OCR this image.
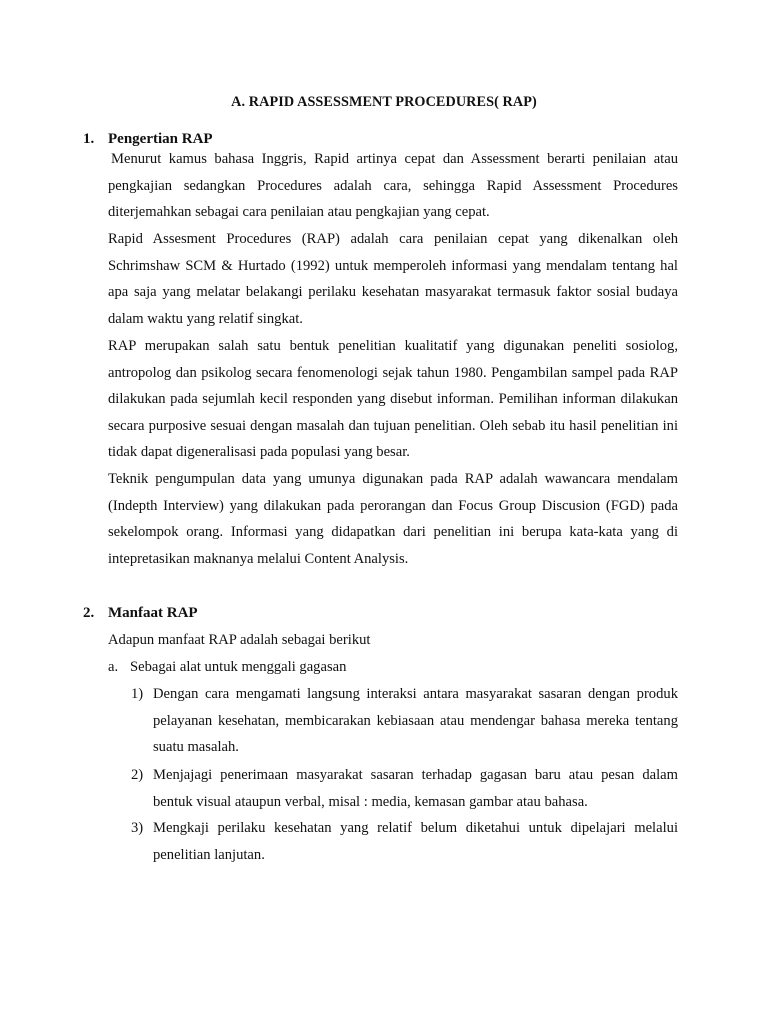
A. RAPID ASSESSMENT PROCEDURES( RAP)
1. Pengertian RAP
Menurut kamus bahasa Inggris, Rapid artinya cepat dan Assessment berarti penilaian atau pengkajian sedangkan Procedures adalah cara, sehingga Rapid Assessment Procedures diterjemahkan sebagai cara penilaian atau pengkajian yang cepat.
Rapid Assesment Procedures (RAP) adalah cara penilaian cepat yang dikenalkan oleh Schrimshaw SCM & Hurtado (1992) untuk memperoleh informasi yang mendalam tentang hal apa saja yang melatar belakangi perilaku kesehatan masyarakat termasuk faktor sosial budaya dalam waktu yang relatif singkat.
RAP merupakan salah satu bentuk penelitian kualitatif yang digunakan peneliti sosiolog, antropolog dan psikolog secara fenomenologi sejak tahun 1980. Pengambilan sampel pada RAP dilakukan pada sejumlah kecil responden yang disebut informan. Pemilihan informan dilakukan secara purposive sesuai dengan masalah dan tujuan penelitian. Oleh sebab itu hasil penelitian ini tidak dapat digeneralisasi pada populasi yang besar.
Teknik pengumpulan data yang umunya digunakan pada RAP adalah wawancara mendalam (Indepth Interview) yang dilakukan pada perorangan dan Focus Group Discusion (FGD) pada sekelompok orang. Informasi yang didapatkan dari penelitian ini berupa kata-kata yang di intepretasikan maknanya melalui Content Analysis.
2. Manfaat RAP
Adapun manfaat RAP adalah sebagai berikut
a. Sebagai alat untuk menggali gagasan
1) Dengan cara mengamati langsung interaksi antara masyarakat sasaran dengan produk pelayanan kesehatan, membicarakan kebiasaan atau mendengar bahasa mereka tentang suatu masalah.
2) Menjajagi penerimaan masyarakat sasaran terhadap gagasan baru atau pesan dalam bentuk visual ataupun verbal, misal : media, kemasan gambar atau bahasa.
3) Mengkaji perilaku kesehatan yang relatif belum diketahui untuk dipelajari melalui penelitian lanjutan.
